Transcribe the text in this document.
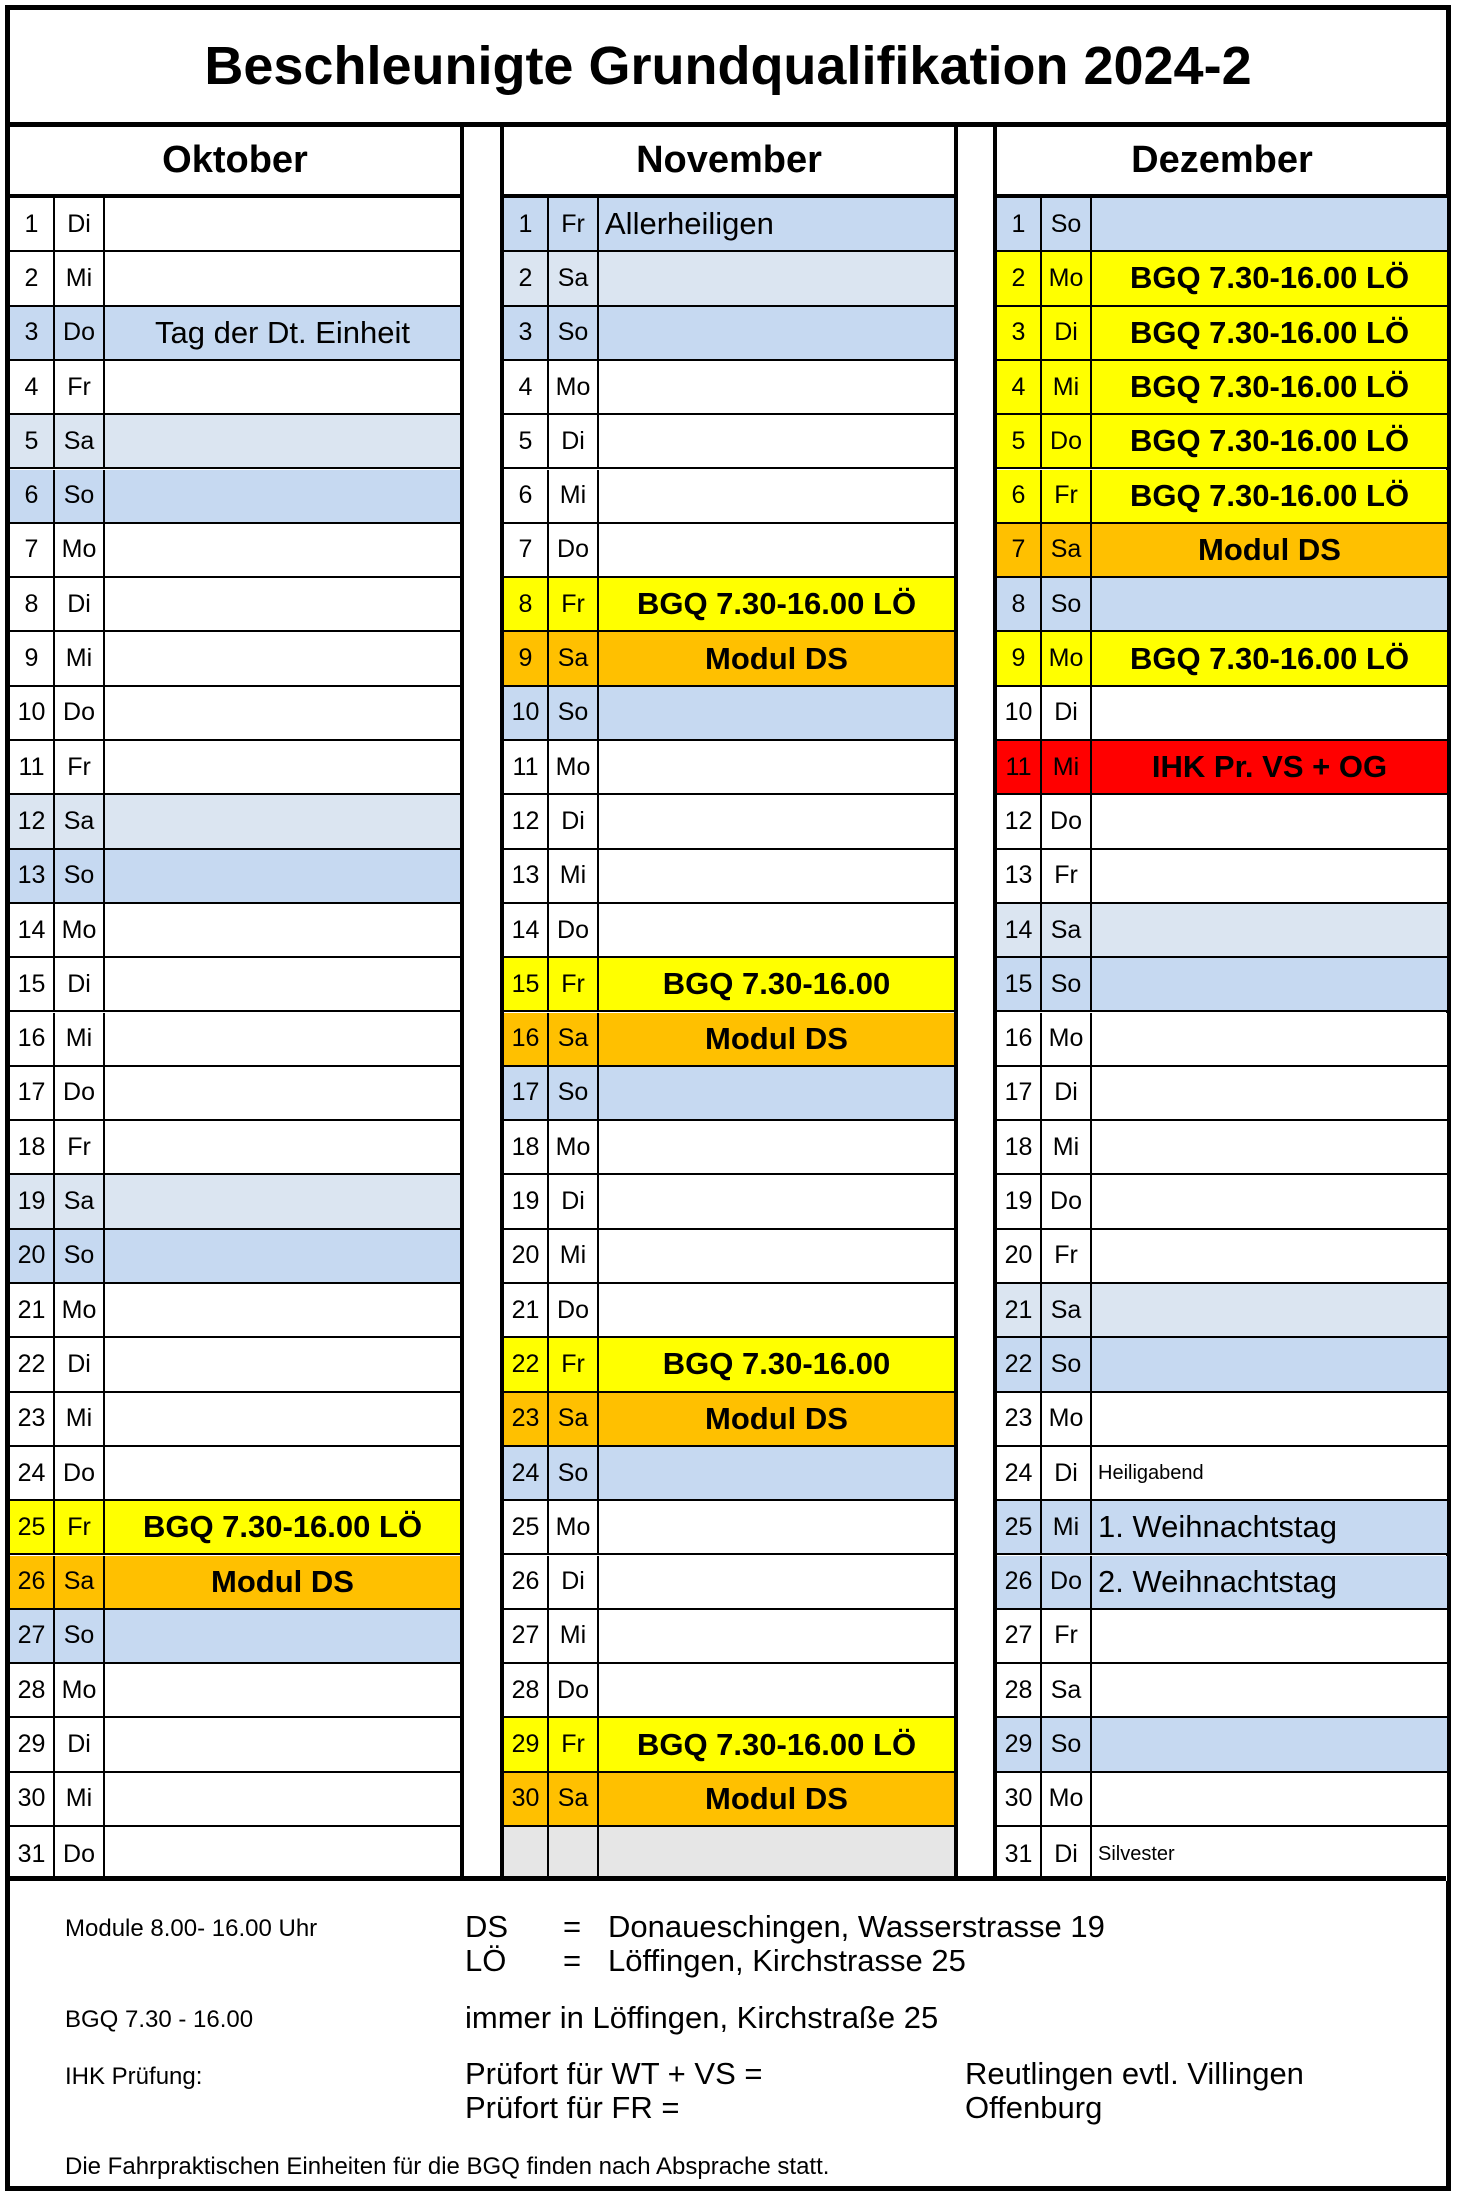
Beschleunigte Grundqualifikation 2024-2
Oktober
1	Di
2	Mi
3 Do	Tag der Dt. Einheit
4	Fr
5	Sa
6	So
7 Mo
8	Di
9	Mi
10 Do
11 Fr
12 Sa
13 So
14 Mo
15 Di
16 Mi
17 Do
18 Fr
19 Sa
20 So
21 Mo
22 Di
23 Mi
24 Do
25 Fr	BGQ 7.30-16.00 LÖ
26 Sa	Modul DS
27 So
28 Mo
29 Di
30 Mi
31 Do
November
1	Fr Allerheiligen
2	Sa
3	So
4 Mo
5	Di
6	Mi
7 Do
8	Fr	BGQ 7.30-16.00 LÖ
9	Sa	Modul DS
10 So
11 Mo
12 Di
13 Mi
14 Do
15 Fr	BGQ 7.30-16.00
16 Sa	Modul DS
17 So
18 Mo
19 Di
20 Mi
21 Do
22 Fr	BGQ 7.30-16.00
23 Sa	Modul DS
24 So
25 Mo
26 Di
27 Mi
28 Do
29 Fr	BGQ 7.30-16.00 LÖ
30 Sa	Modul DS
Dezember
1	So
2 Mo	BGQ 7.30-16.00 LÖ
3	Di	BGQ 7.30-16.00 LÖ
4	Mi	BGQ 7.30-16.00 LÖ
5 Do	BGQ 7.30-16.00 LÖ
6	Fr	BGQ 7.30-16.00 LÖ
7	Sa	Modul DS
8	So
9 Mo	BGQ 7.30-16.00 LÖ
10 Di
11 Mi	IHK Pr. VS + OG
12 Do
13 Fr
14 Sa
15 So
16 Mo
17 Di
18 Mi
19 Do
20 Fr
21 Sa
22 So
23 Mo
24 Di	Heiligabend
25 Mi 1. Weihnachtstag
26 Do 2. Weihnachtstag
27 Fr
28 Sa
29 So
30 Mo
31 Di	Silvester
Module 8.00- 16.00 Uhr	DS = Donaueschingen, Wasserstrasse 19
LÖ = Löffingen, Kirchstrasse 25
BGQ 7.30 - 16.00	immer in Löffingen, Kirchstraße 25
IHK Prüfung:	Prüfort für WT + VS =	Reutlingen evtl. Villingen
Prüfort für FR =	Offenburg
Die Fahrpraktischen Einheiten für die BGQ finden nach Absprache statt.
